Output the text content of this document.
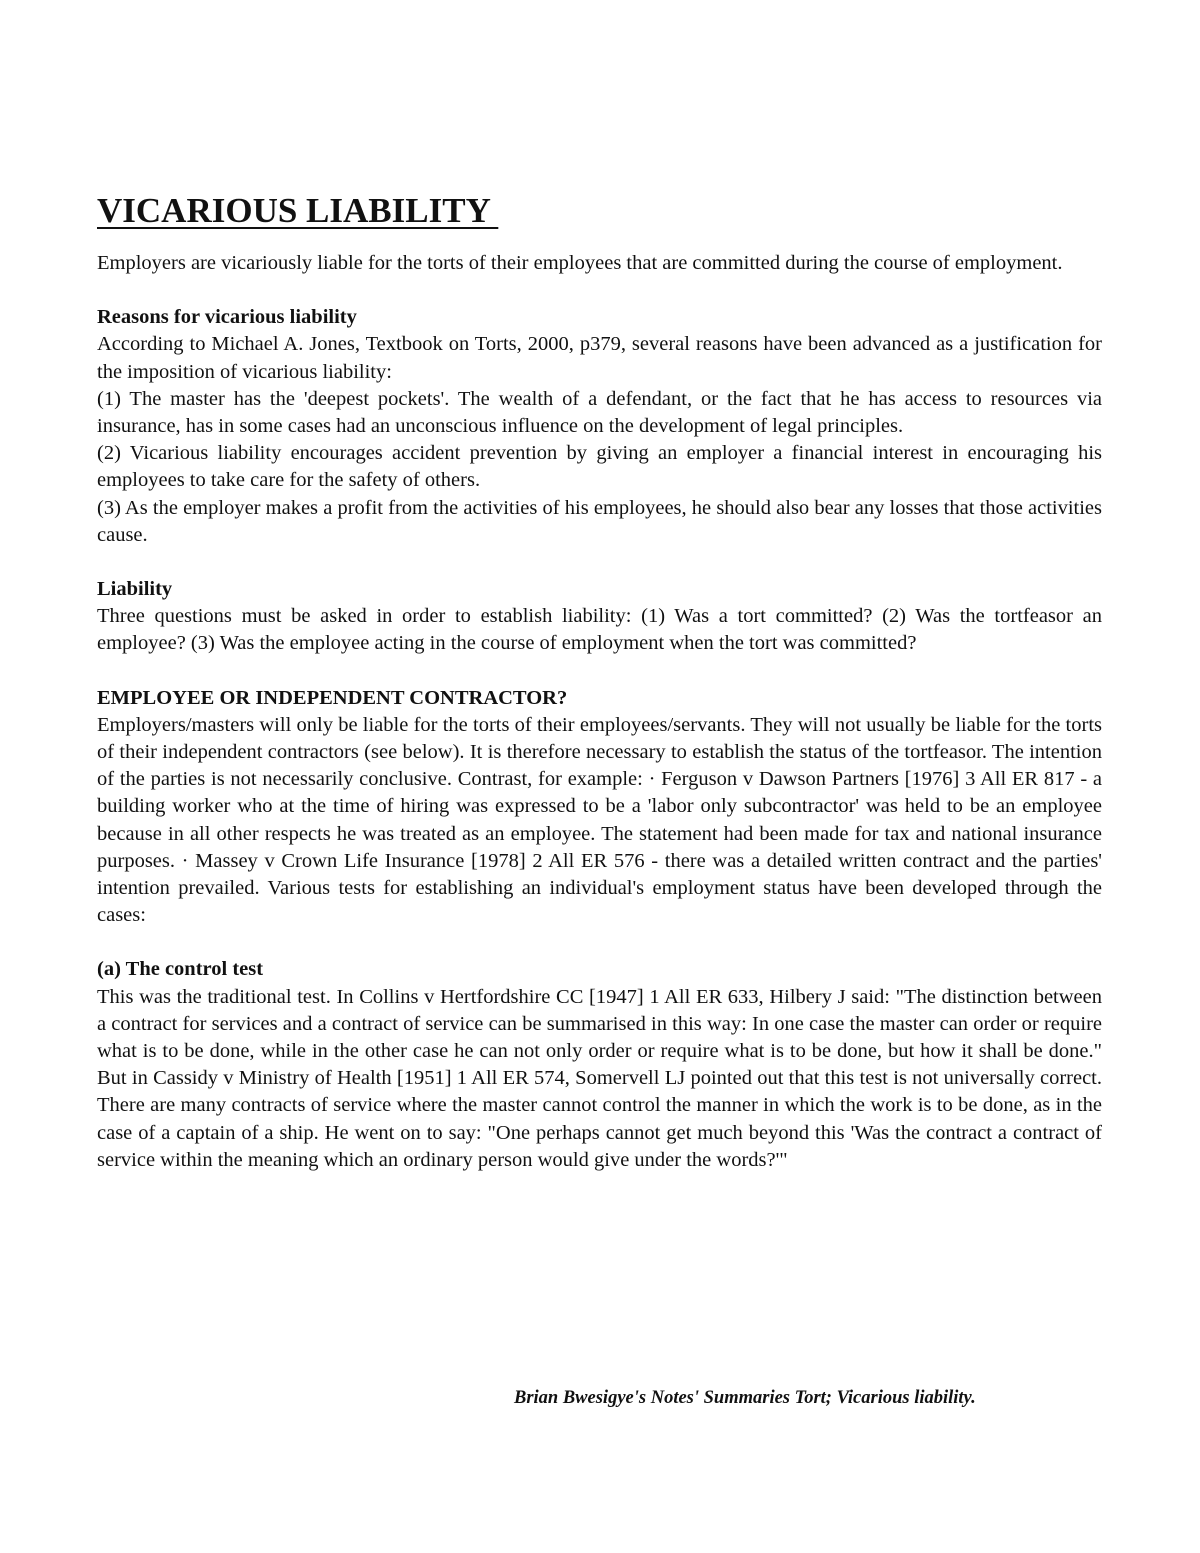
VICARIOUS LIABILITY

Employers are vicariously liable for the torts of their employees that are committed during the course of employment.

Reasons for vicarious liability

According to Michael A. Jones, Textbook on Torts, 2000, p379, several reasons have been advanced as a justification for the imposition of vicarious liability:

(1) The master has the 'deepest pockets'. The wealth of a defendant, or the fact that he has access to resources via insurance, has in some cases had an unconscious influence on the development of legal principles.

(2) Vicarious liability encourages accident prevention by giving an employer a financial interest in encouraging his employees to take care for the safety of others.

(3) As the employer makes a profit from the activities of his employees, he should also bear any losses that those activities cause.

Liability

Three questions must be asked in order to establish liability: (1) Was a tort committed? (2) Was the tortfeasor an employee? (3) Was the employee acting in the course of employment when the tort was committed?

EMPLOYEE OR INDEPENDENT CONTRACTOR?

Employers/masters will only be liable for the torts of their employees/servants. They will not usually be liable for the torts of their independent contractors (see below). It is therefore necessary to establish the status of the tortfeasor. The intention of the parties is not necessarily conclusive. Contrast, for example: · Ferguson v Dawson Partners [1976] 3 All ER 817 - a building worker who at the time of hiring was expressed to be a 'labor only subcontractor' was held to be an employee because in all other respects he was treated as an employee. The statement had been made for tax and national insurance purposes. · Massey v Crown Life Insurance [1978] 2 All ER 576 - there was a detailed written contract and the parties' intention prevailed. Various tests for establishing an individual's employment status have been developed through the cases:

(a) The control test

This was the traditional test. In Collins v Hertfordshire CC [1947] 1 All ER 633, Hilbery J said: "The distinction between a contract for services and a contract of service can be summarised in this way: In one case the master can order or require what is to be done, while in the other case he can not only order or require what is to be done, but how it shall be done." But in Cassidy v Ministry of Health [1951] 1 All ER 574, Somervell LJ pointed out that this test is not universally correct. There are many contracts of service where the master cannot control the manner in which the work is to be done, as in the case of a captain of a ship. He went on to say: "One perhaps cannot get much beyond this 'Was the contract a contract of service within the meaning which an ordinary person would give under the words?'"

Brian Bwesigye's Notes' Summaries Tort; Vicarious liability.
